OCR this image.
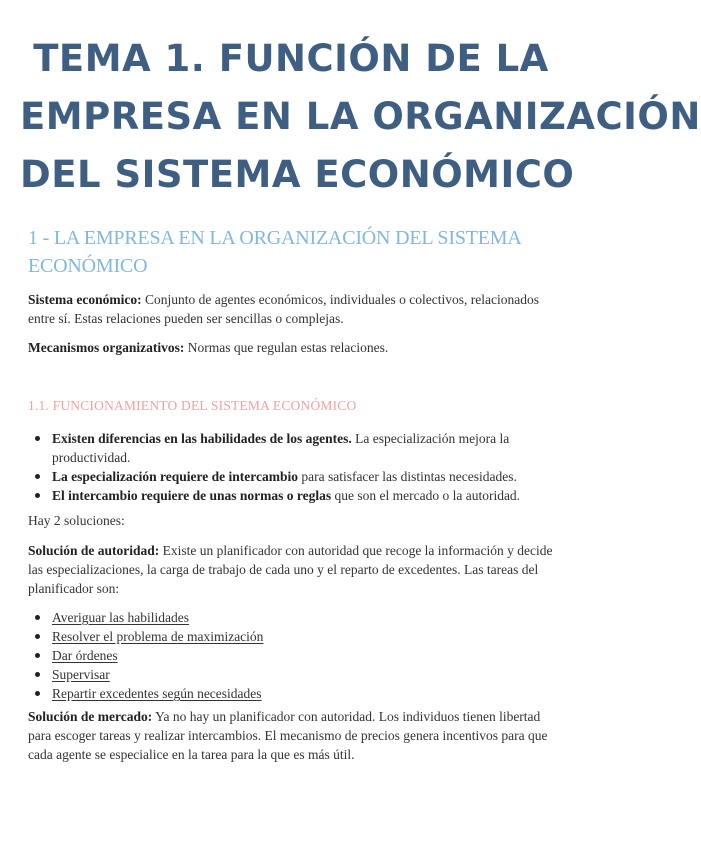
TEMA 1. FUNCIÓN DE LA
EMPRESA EN LA ORGANIZACIÓN
DEL SISTEMA ECONÓMICO
1 - LA EMPRESA EN LA ORGANIZACIÓN DEL SISTEMA ECONÓMICO

Sistema económico: Conjunto de agentes económicos, individuales o colectivos, relacionados entre sí. Estas relaciones pueden ser sencillas o complejas.

Mecanismos organizativos: Normas que regulan estas relaciones.

1.1. FUNCIONAMIENTO DEL SISTEMA ECONÓMICO
Existen diferencias en las habilidades de los agentes. La especialización mejora la productividad.
La especialización requiere de intercambio para satisfacer las distintas necesidades.
El intercambio requiere de unas normas o reglas que son el mercado o la autoridad.

Hay 2 soluciones:

Solución de autoridad: Existe un planificador con autoridad que recoge la información y decide las especializaciones, la carga de trabajo de cada uno y el reparto de excedentes. Las tareas del planificador son:

Averiguar las habilidades
Resolver el problema de maximización
Dar órdenes
Supervisar
Repartir excedentes según necesidades

Solución de mercado: Ya no hay un planificador con autoridad. Los individuos tienen libertad para escoger tareas y realizar intercambios. El mecanismo de precios genera incentivos para que cada agente se especialice en la tarea para la que es más útil.
